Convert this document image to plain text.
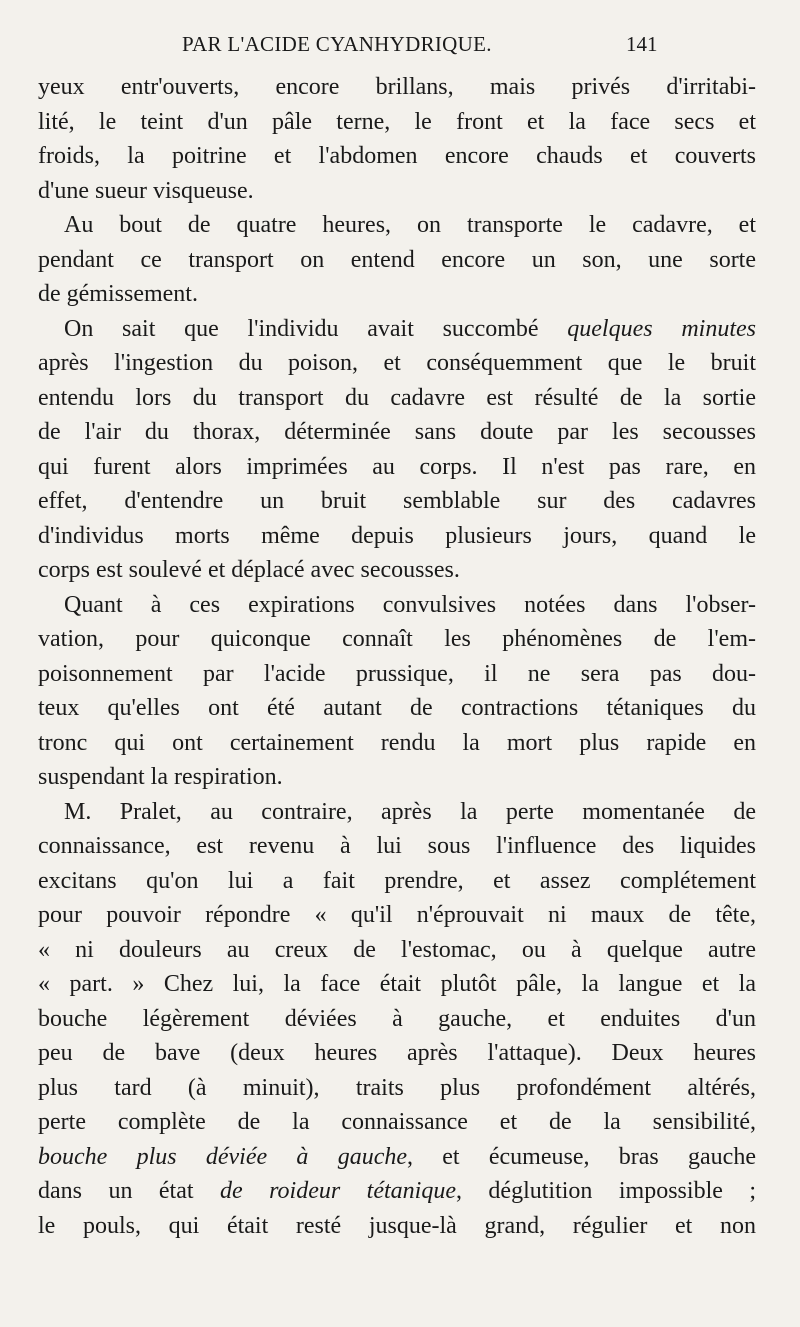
PAR L'ACIDE CYANHYDRIQUE.	141
yeux entr'ouverts, encore brillans, mais privés d'irritabi-
lité, le teint d'un pâle terne, le front et la face secs et
froids, la poitrine et l'abdomen encore chauds et couverts
d'une sueur visqueuse.
Au bout de quatre heures, on transporte le cadavre, et
pendant ce transport on entend encore un son, une sorte
de gémissement.
On sait que l'individu avait succombé quelques minutes
après l'ingestion du poison, et conséquemment que le bruit
entendu lors du transport du cadavre est résulté de la sortie
de l'air du thorax, déterminée sans doute par les secousses
qui furent alors imprimées au corps. Il n'est pas rare, en
effet, d'entendre un bruit semblable sur des cadavres
d'individus morts même depuis plusieurs jours, quand le
corps est soulevé et déplacé avec secousses.
Quant à ces expirations convulsives notées dans l'obser-
vation, pour quiconque connaît les phénomènes de l'em-
poisonnement par l'acide prussique, il ne sera pas dou-
teux qu'elles ont été autant de contractions tétaniques du
tronc qui ont certainement rendu la mort plus rapide en
suspendant la respiration.
M. Pralet, au contraire, après la perte momentanée de
connaissance, est revenu à lui sous l'influence des liquides
excitans qu'on lui a fait prendre, et assez complétement
pour pouvoir répondre « qu'il n'éprouvait ni maux de tête,
« ni douleurs au creux de l'estomac, ou à quelque autre
« part. » Chez lui, la face était plutôt pâle, la langue et la
bouche légèrement déviées à gauche, et enduites d'un
peu de bave (deux heures après l'attaque). Deux heures
plus tard (à minuit), traits plus profondément altérés,
perte complète de la connaissance et de la sensibilité,
bouche plus déviée à gauche, et écumeuse, bras gauche
dans un état de roideur tétanique, déglutition impossible ;
le pouls, qui était resté jusque-là grand, régulier et non
